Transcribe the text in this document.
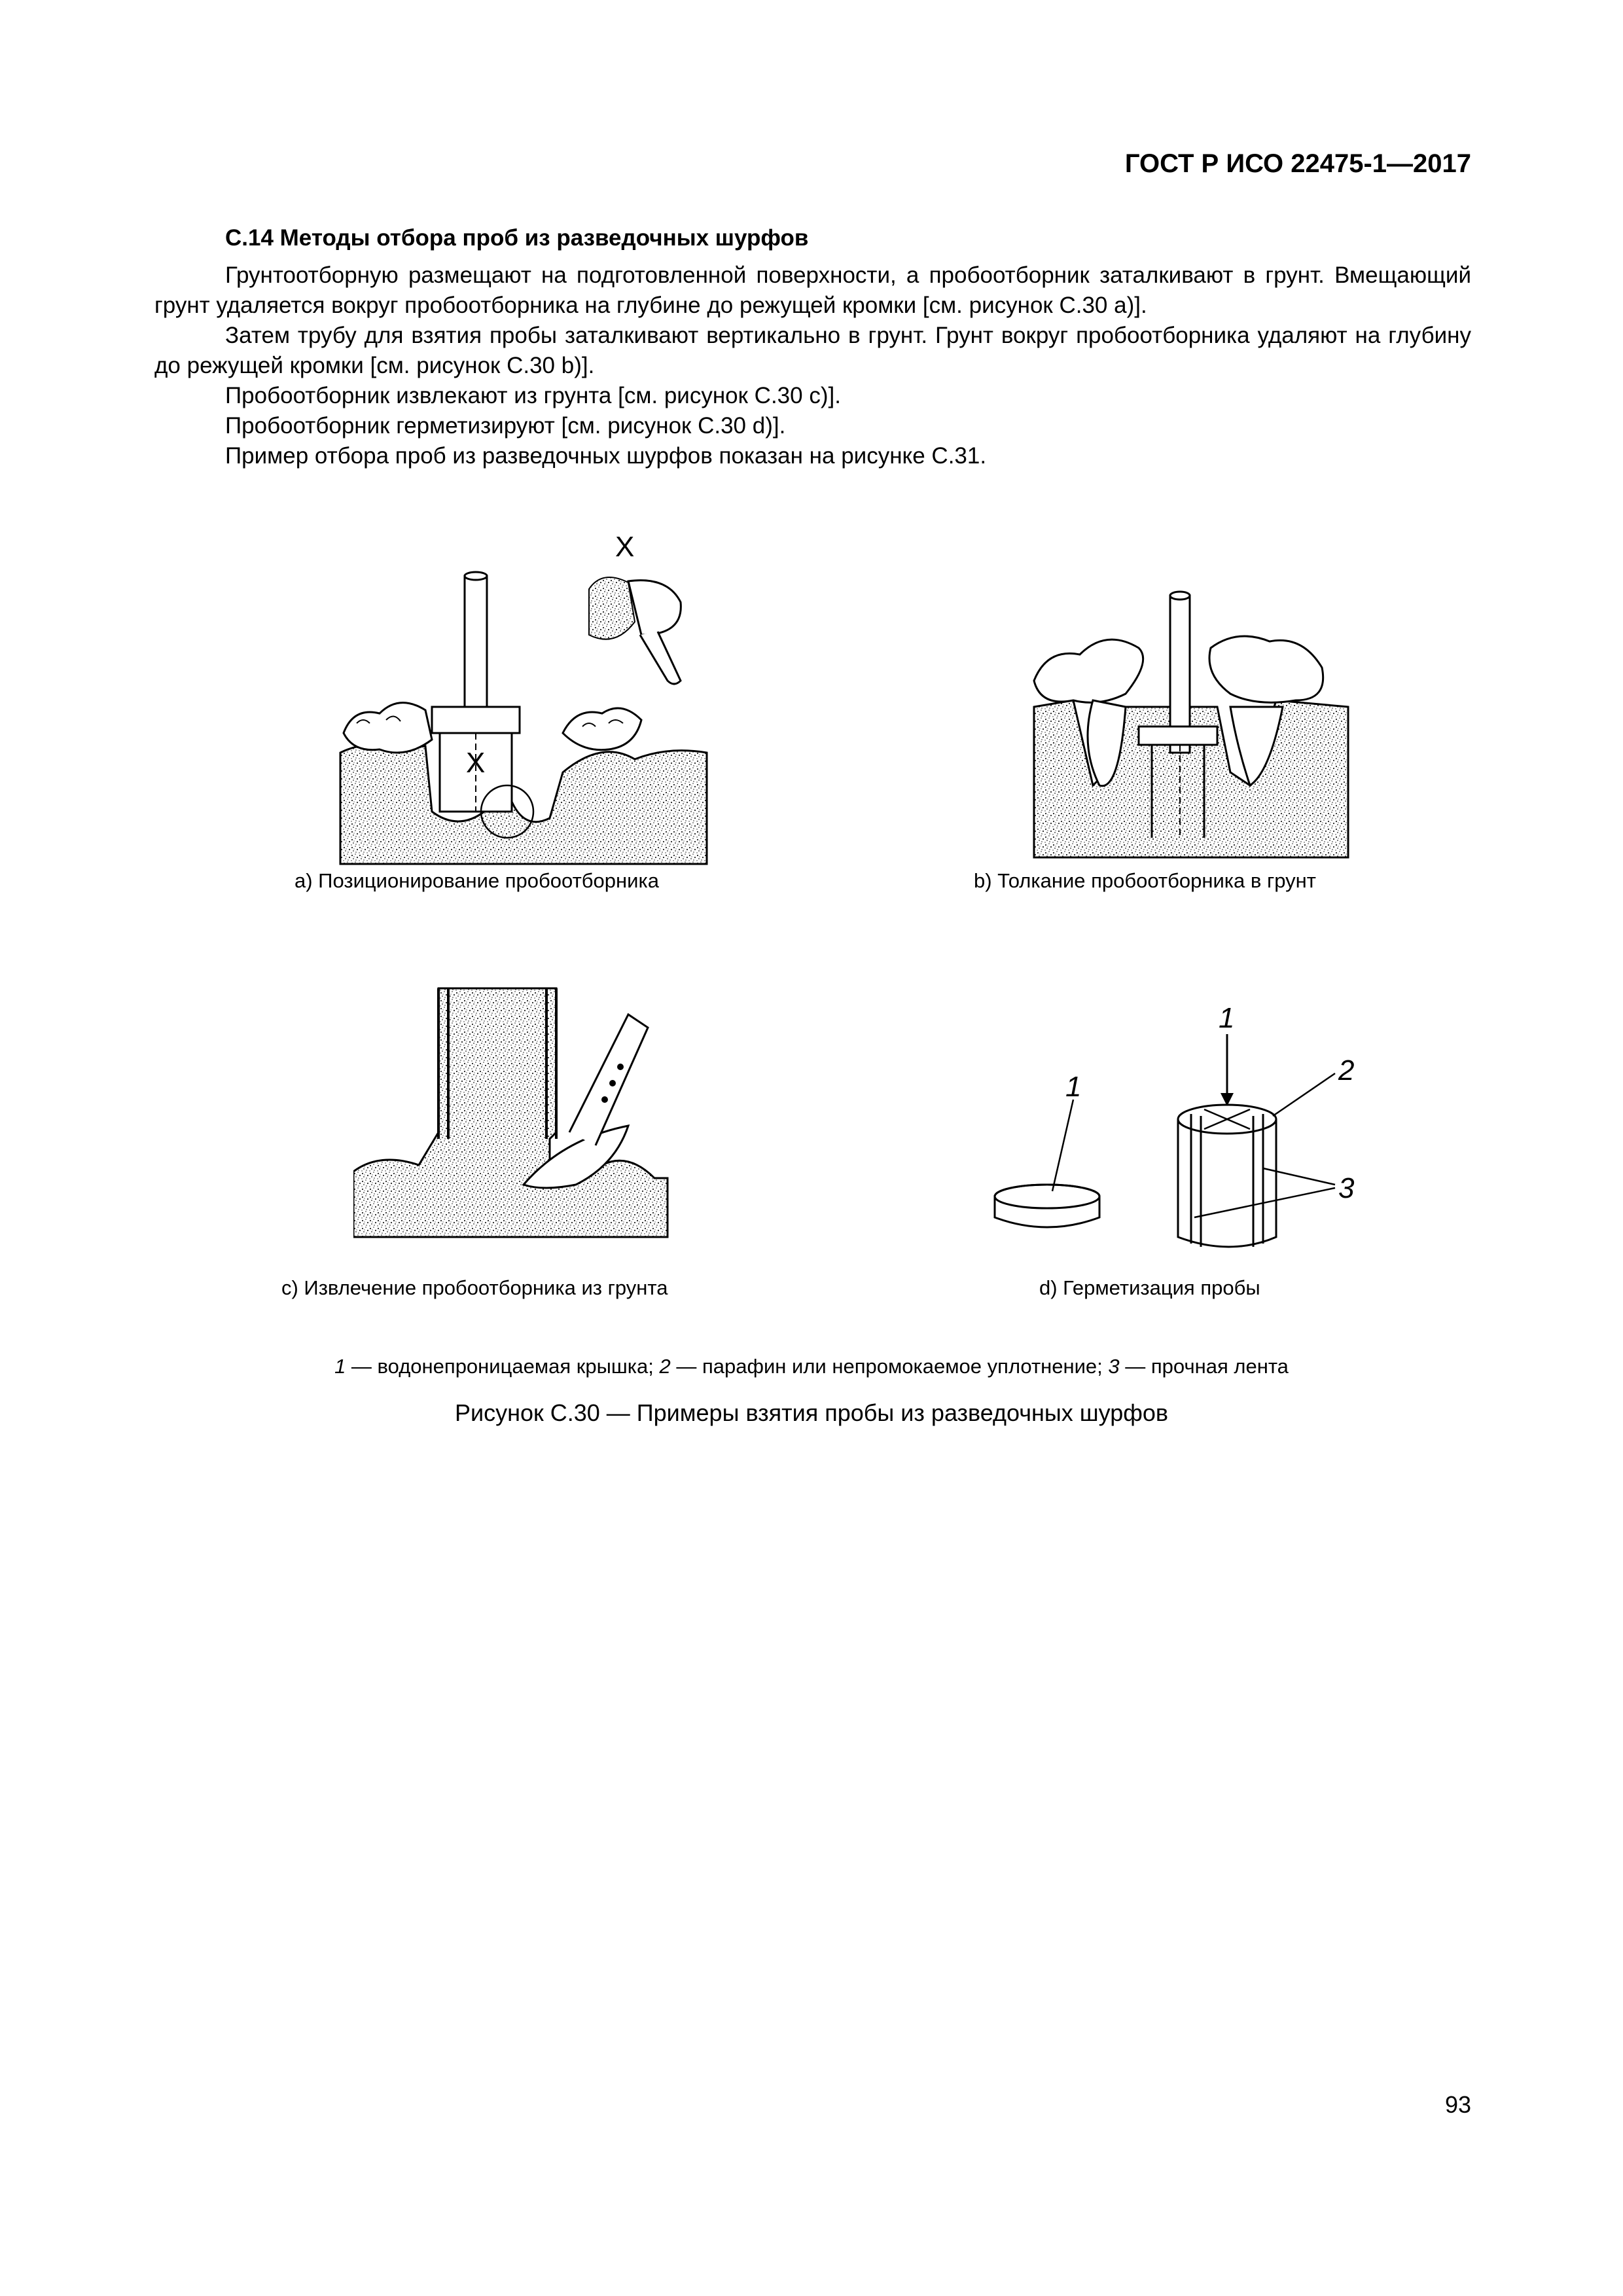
ГОСТ Р ИСО 22475-1—2017
С.14 Методы отбора проб из разведочных шурфов

Грунтоотборную размещают на подготовленной поверхности, а пробоотборник заталкивают в грунт. Вмещающий грунт удаляется вокруг пробоотборника на глубине до режущей кромки [см. рисунок С.30 a)].

Затем трубу для взятия пробы заталкивают вертикально в грунт. Грунт вокруг пробоотборника удаляют на глубину до режущей кромки [см. рисунок С.30 b)].

Пробоотборник извлекают из грунта [см. рисунок С.30 с)].

Пробоотборник герметизируют [см. рисунок С.30 d)].

Пример отбора проб из разведочных шурфов показан на рисунке С.31.

X
X
1
1
2
3
а) Позиционирование пробоотборника	b) Толкание пробоотборника в грунт
с) Извлечение пробоотборника из грунта	d) Герметизация пробы
1 — водонепроницаемая крышка; 2 — парафин или непромокаемое уплотнение; 3 — прочная лента
Рисунок С.30 — Примеры взятия пробы из разведочных шурфов
93
